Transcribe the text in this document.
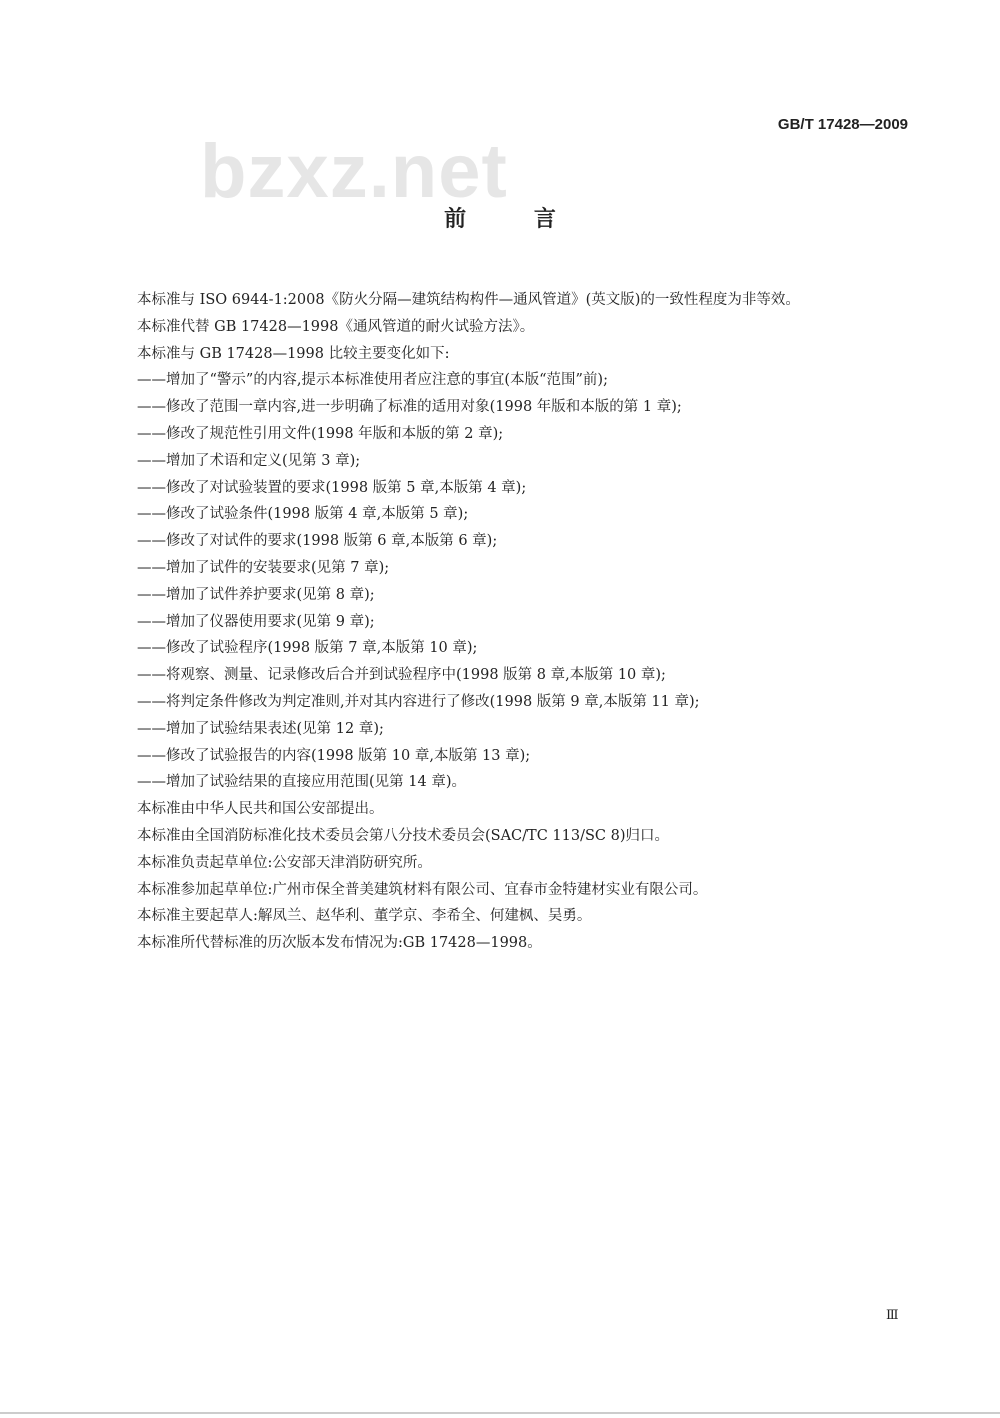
GB/T 17428—2009
bzxz.net
前 言

本标准与 ISO 6944-1:2008《防火分隔—建筑结构构件—通风管道》(英文版)的一致性程度为非等效。

本标准代替 GB 17428—1998《通风管道的耐火试验方法》。

本标准与 GB 17428—1998 比较主要变化如下:

——增加了“警示”的内容,提示本标准使用者应注意的事宜(本版“范围”前);

——修改了范围一章内容,进一步明确了标准的适用对象(1998 年版和本版的第 1 章);

——修改了规范性引用文件(1998 年版和本版的第 2 章);

——增加了术语和定义(见第 3 章);

——修改了对试验装置的要求(1998 版第 5 章,本版第 4 章);

——修改了试验条件(1998 版第 4 章,本版第 5 章);

——修改了对试件的要求(1998 版第 6 章,本版第 6 章);

——增加了试件的安装要求(见第 7 章);

——增加了试件养护要求(见第 8 章);

——增加了仪器使用要求(见第 9 章);

——修改了试验程序(1998 版第 7 章,本版第 10 章);

——将观察、测量、记录修改后合并到试验程序中(1998 版第 8 章,本版第 10 章);

——将判定条件修改为判定准则,并对其内容进行了修改(1998 版第 9 章,本版第 11 章);

——增加了试验结果表述(见第 12 章);

——修改了试验报告的内容(1998 版第 10 章,本版第 13 章);

——增加了试验结果的直接应用范围(见第 14 章)。

本标准由中华人民共和国公安部提出。

本标准由全国消防标准化技术委员会第八分技术委员会(SAC/TC 113/SC 8)归口。

本标准负责起草单位:公安部天津消防研究所。

本标准参加起草单位:广州市保全普美建筑材料有限公司、宜春市金特建材实业有限公司。

本标准主要起草人:解凤兰、赵华利、董学京、李希全、何建枫、吴勇。

本标准所代替标准的历次版本发布情况为:GB 17428—1998。

Ⅲ
